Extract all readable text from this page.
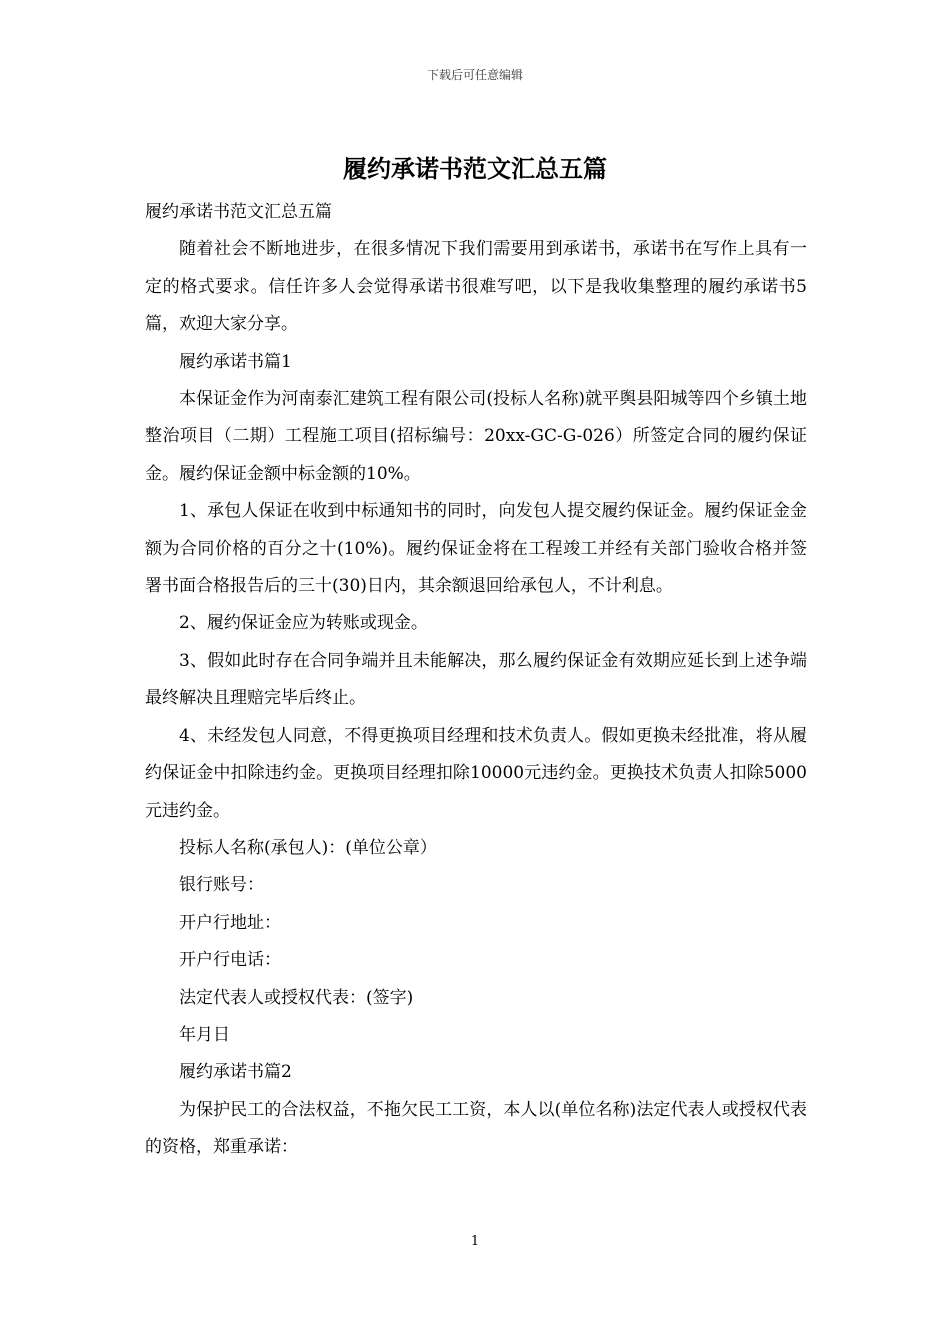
下载后可任意编辑
履约承诺书范文汇总五篇

履约承诺书范文汇总五篇

随着社会不断地进步，在很多情况下我们需要用到承诺书，承诺书在写作上具有一定的格式要求。信任许多人会觉得承诺书很难写吧，以下是我收集整理的履约承诺书5篇，欢迎大家分享。

履约承诺书篇1

本保证金作为河南泰汇建筑工程有限公司(投标人名称)就平舆县阳城等四个乡镇土地整治项目（二期）工程施工项目(招标编号：20xx-GC-G-026）所签定合同的履约保证金。履约保证金额中标金额的10%。

1、承包人保证在收到中标通知书的同时，向发包人提交履约保证金。履约保证金金额为合同价格的百分之十(10%)。履约保证金将在工程竣工并经有关部门验收合格并签署书面合格报告后的三十(30)日内，其余额退回给承包人，不计利息。

2、履约保证金应为转账或现金。

3、假如此时存在合同争端并且未能解决，那么履约保证金有效期应延长到上述争端最终解决且理赔完毕后终止。

4、未经发包人同意，不得更换项目经理和技术负责人。假如更换未经批准，将从履约保证金中扣除违约金。更换项目经理扣除10000元违约金。更换技术负责人扣除5000元违约金。

投标人名称(承包人)：(单位公章）

银行账号：

开户行地址：

开户行电话：

法定代表人或授权代表：(签字)

年月日

履约承诺书篇2

为保护民工的合法权益，不拖欠民工工资，本人以(单位名称)法定代表人或授权代表的资格，郑重承诺：

1
